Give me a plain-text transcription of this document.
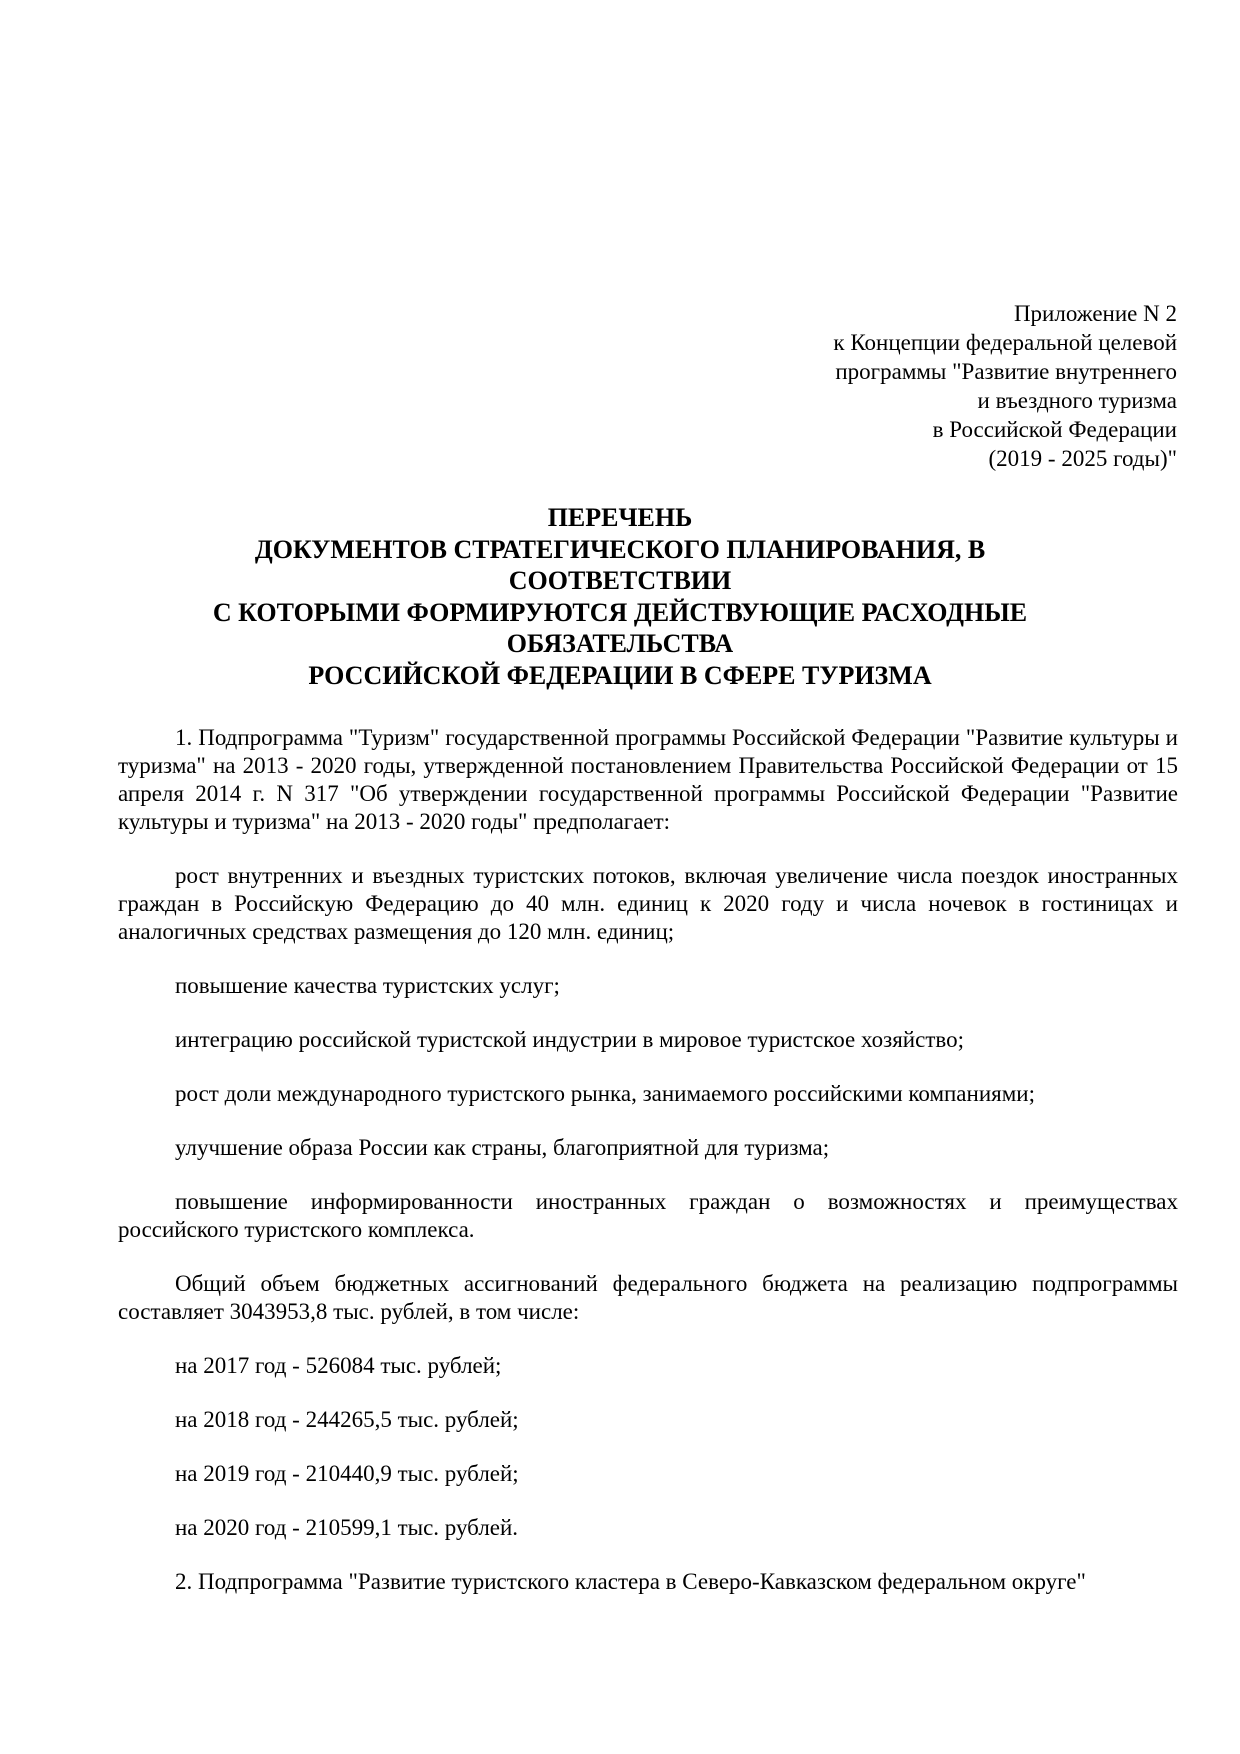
Приложение N 2
к Концепции федеральной целевой
программы "Развитие внутреннего
и въездного туризма
в Российской Федерации
(2019 - 2025 годы)"
ПЕРЕЧЕНЬ
ДОКУМЕНТОВ СТРАТЕГИЧЕСКОГО ПЛАНИРОВАНИЯ, В
СООТВЕТСТВИИ
С КОТОРЫМИ ФОРМИРУЮТСЯ ДЕЙСТВУЮЩИЕ РАСХОДНЫЕ
ОБЯЗАТЕЛЬСТВА
РОССИЙСКОЙ ФЕДЕРАЦИИ В СФЕРЕ ТУРИЗМА

1. Подпрограмма "Туризм" государственной программы Российской Федерации "Развитие культуры и туризма" на 2013 - 2020 годы, утвержденной постановлением Правительства Российской Федерации от 15 апреля 2014 г. N 317 "Об утверждении государственной программы Российской Федерации "Развитие культуры и туризма" на 2013 - 2020 годы" предполагает:

рост внутренних и въездных туристских потоков, включая увеличение числа поездок иностранных граждан в Российскую Федерацию до 40 млн. единиц к 2020 году и числа ночевок в гостиницах и аналогичных средствах размещения до 120 млн. единиц;

повышение качества туристских услуг;

интеграцию российской туристской индустрии в мировое туристское хозяйство;

рост доли международного туристского рынка, занимаемого российскими компаниями;

улучшение образа России как страны, благоприятной для туризма;

повышение информированности иностранных граждан о возможностях и преимуществах российского туристского комплекса.

Общий объем бюджетных ассигнований федерального бюджета на реализацию подпрограммы составляет 3043953,8 тыс. рублей, в том числе:

на 2017 год - 526084 тыс. рублей;

на 2018 год - 244265,5 тыс. рублей;

на 2019 год - 210440,9 тыс. рублей;

на 2020 год - 210599,1 тыс. рублей.

2. Подпрограмма "Развитие туристского кластера в Северо-Кавказском федеральном округе"
